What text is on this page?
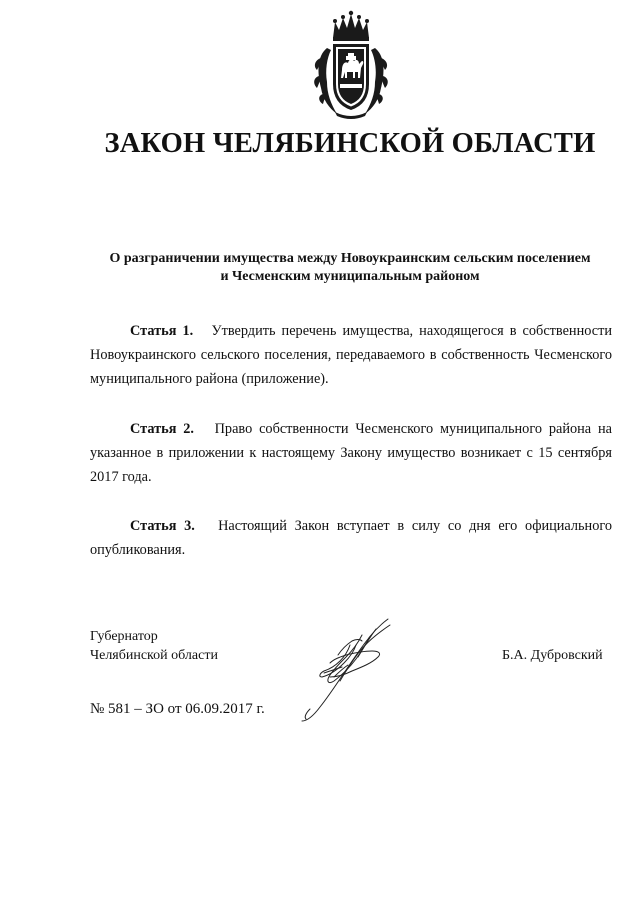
ЗАКОН ЧЕЛЯБИНСКОЙ ОБЛАСТИ
О разграничении имущества между Новоукраинским сельским поселением
и Чесменским муниципальным районом
Статья 1. Утвердить перечень имущества, находящегося в собственности
Новоукраинского сельского поселения, передаваемого в собственность Чесменского
муниципального района (приложение).
Статья 2. Право собственности Чесменского муниципального района на
указанное в приложении к настоящему Закону имущество возникает с 15 сентября
2017 года.
Статья 3. Настоящий Закон вступает в силу со дня его официального
опубликования.
Губернатор
Челябинской области	Б.А. Дубровский
№ 581 – ЗО от 06.09.2017 г.
